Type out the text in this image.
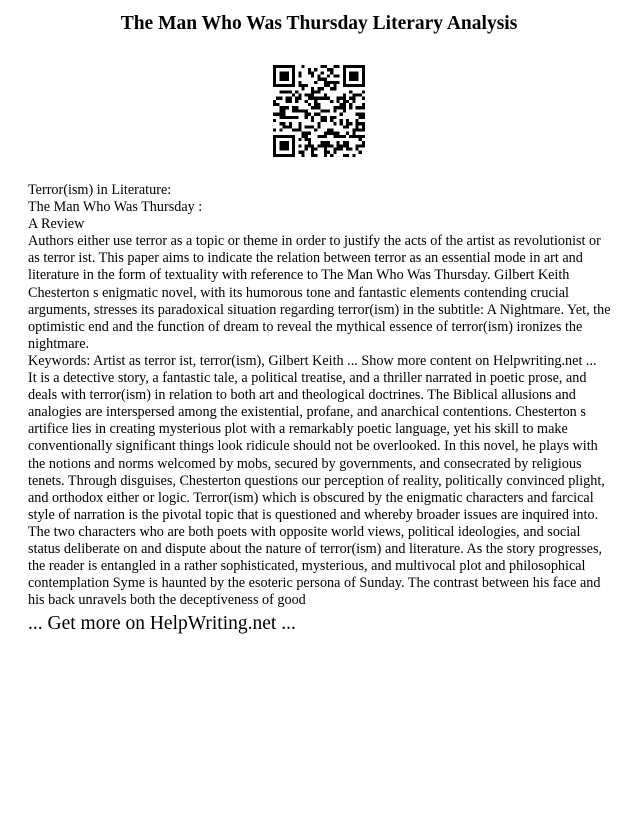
The Man Who Was Thursday Literary Analysis

Terror(ism) in Literature:

The Man Who Was Thursday :

A Review

Authors either use terror as a topic or theme in order to justify the acts of the artist as revolutionist or as terror ist. This paper aims to indicate the relation between terror as an essential mode in art and literature in the form of textuality with reference to The Man Who Was Thursday. Gilbert Keith Chesterton s enigmatic novel, with its humorous tone and fantastic elements contending crucial arguments, stresses its paradoxical situation regarding terror(ism) in the subtitle: A Nightmare. Yet, the optimistic end and the function of dream to reveal the mythical essence of terror(ism) ironizes the nightmare.

Keywords: Artist as terror ist, terror(ism), Gilbert Keith ... Show more content on Helpwriting.net ...

It is a detective story, a fantastic tale, a political treatise, and a thriller narrated in poetic prose, and deals with terror(ism) in relation to both art and theological doctrines. The Biblical allusions and analogies are interspersed among the existential, profane, and anarchical contentions. Chesterton s artifice lies in creating mysterious plot with a remarkably poetic language, yet his skill to make conventionally significant things look ridicule should not be overlooked. In this novel, he plays with the notions and norms welcomed by mobs, secured by governments, and consecrated by religious tenets. Through disguises, Chesterton questions our perception of reality, politically convinced plight, and orthodox either or logic. Terror(ism) which is obscured by the enigmatic characters and farcical style of narration is the pivotal topic that is questioned and whereby broader issues are inquired into. The two characters who are both poets with opposite world views, political ideologies, and social status deliberate on and dispute about the nature of terror(ism) and literature. As the story progresses, the reader is entangled in a rather sophisticated, mysterious, and multivocal plot and philosophical contemplation Syme is haunted by the esoteric persona of Sunday. The contrast between his face and his back unravels both the deceptiveness of good

... Get more on HelpWriting.net ...
